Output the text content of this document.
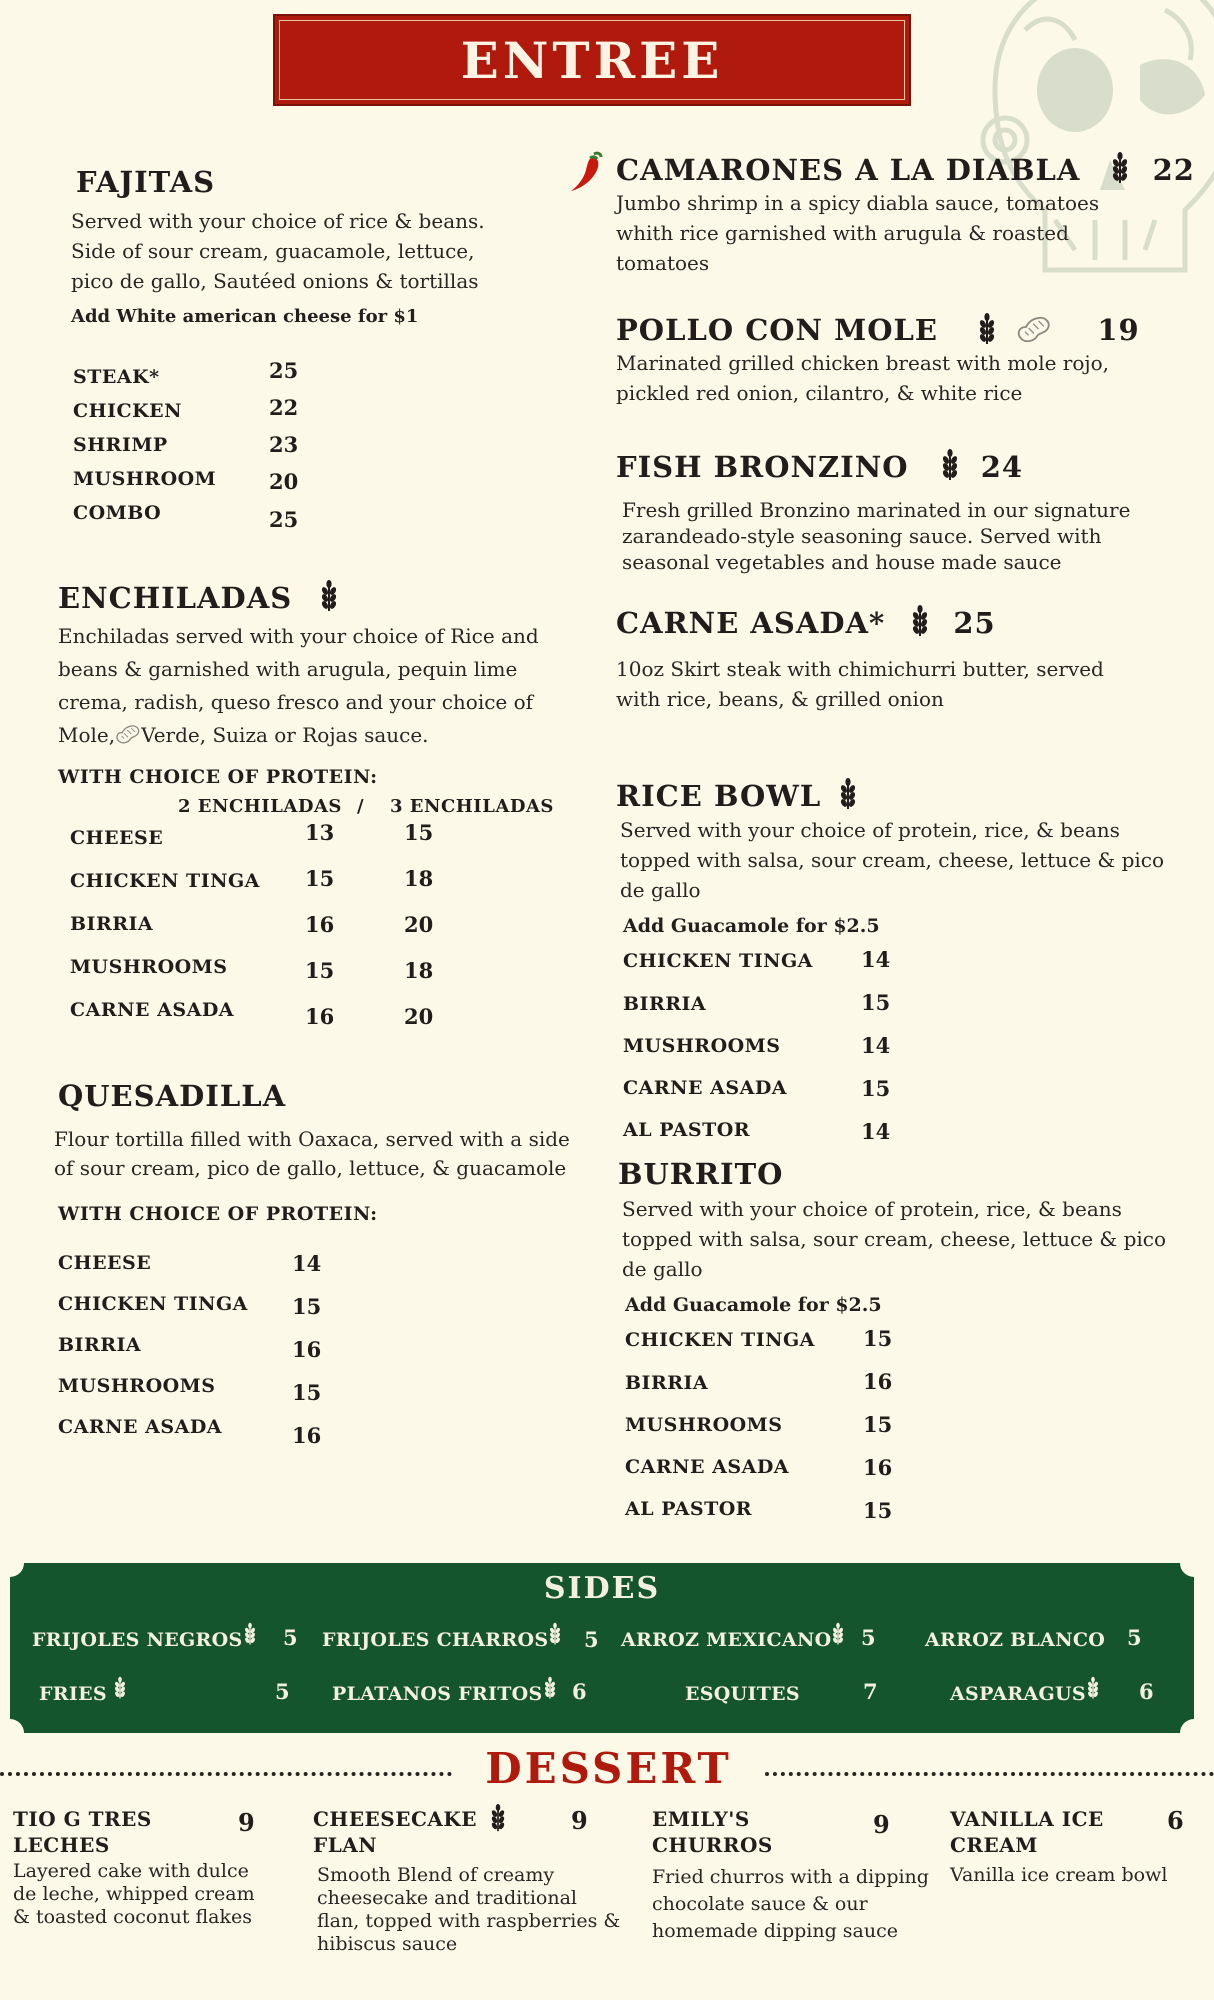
ENTREE
FAJITAS
Served with your choice of rice & beans.
Side of sour cream, guacamole, lettuce,
pico de gallo, Sautéed onions & tortillas
Add White american cheese for $1
STEAK*	25
CHICKEN	22
SHRIMP	23
MUSHROOM	20
COMBO	25
ENCHILADAS
Enchiladas served with your choice of Rice and
beans & garnished with arugula, pequin lime
crema, radish, queso fresco and your choice of
Mole, Verde, Suiza or Rojas sauce.
WITH CHOICE OF PROTEIN:
2 ENCHILADAS / 3 ENCHILADAS
CHEESE	13	15
CHICKEN TINGA 15	18
BIRRIA	16	20
MUSHROOMS	15	18
CARNE ASADA	16	20
QUESADILLA
Flour tortilla filled with Oaxaca, served with a side
of sour cream, pico de gallo, lettuce, & guacamole
WITH CHOICE OF PROTEIN:
CHEESE	14
CHICKEN TINGA 15
BIRRIA	16
MUSHROOMS	15
CARNE ASADA	16
CAMARONES A LA DIABLA 22
Jumbo shrimp in a spicy diabla sauce, tomatoes
whith rice garnished with arugula & roasted
tomatoes
POLLO CON MOLE	19
Marinated grilled chicken breast with mole rojo,
pickled red onion, cilantro, & white rice
FISH BRONZINO 24
Fresh grilled Bronzino marinated in our signature
zarandeado-style seasoning sauce. Served with
seasonal vegetables and house made sauce
CARNE ASADA* 25
10oz Skirt steak with chimichurri butter, served
with rice, beans, & grilled onion
RICE BOWL
Served with your choice of protein, rice, & beans
topped with salsa, sour cream, cheese, lettuce & pico
de gallo
Add Guacamole for $2.5
CHICKEN TINGA 14
BIRRIA	15
MUSHROOMS	14
CARNE ASADA	15
AL PASTOR	14
BURRITO
Served with your choice of protein, rice, & beans
topped with salsa, sour cream, cheese, lettuce & pico
de gallo
Add Guacamole for $2.5
CHICKEN TINGA 15
BIRRIA	16
MUSHROOMS	15
CARNE ASADA	16
AL PASTOR	15
SIDES
FRIJOLES NEGROS	5 FRIJOLES CHARROS	5 ARROZ MEXICANO	5	ARROZ BLANCO 5
FRIES	5 PLATANOS FRITOS	6	ESQUITES	7	ASPARAGUS	6
DESSERT
TIO G TRES
LECHES
Layered cake with dulce
de leche, whipped cream
& toasted coconut flakes
9	CHEESECAKE
FLAN
Smooth Blend of creamy
cheesecake and traditional
flan, topped with raspberries &
hibiscus sauce
9	EMILY'S
CHURROS
Fried churros with a dipping
chocolate sauce & our
homemade dipping sauce
9	VANILLA ICE
CREAM
Vanilla ice cream bowl
6
